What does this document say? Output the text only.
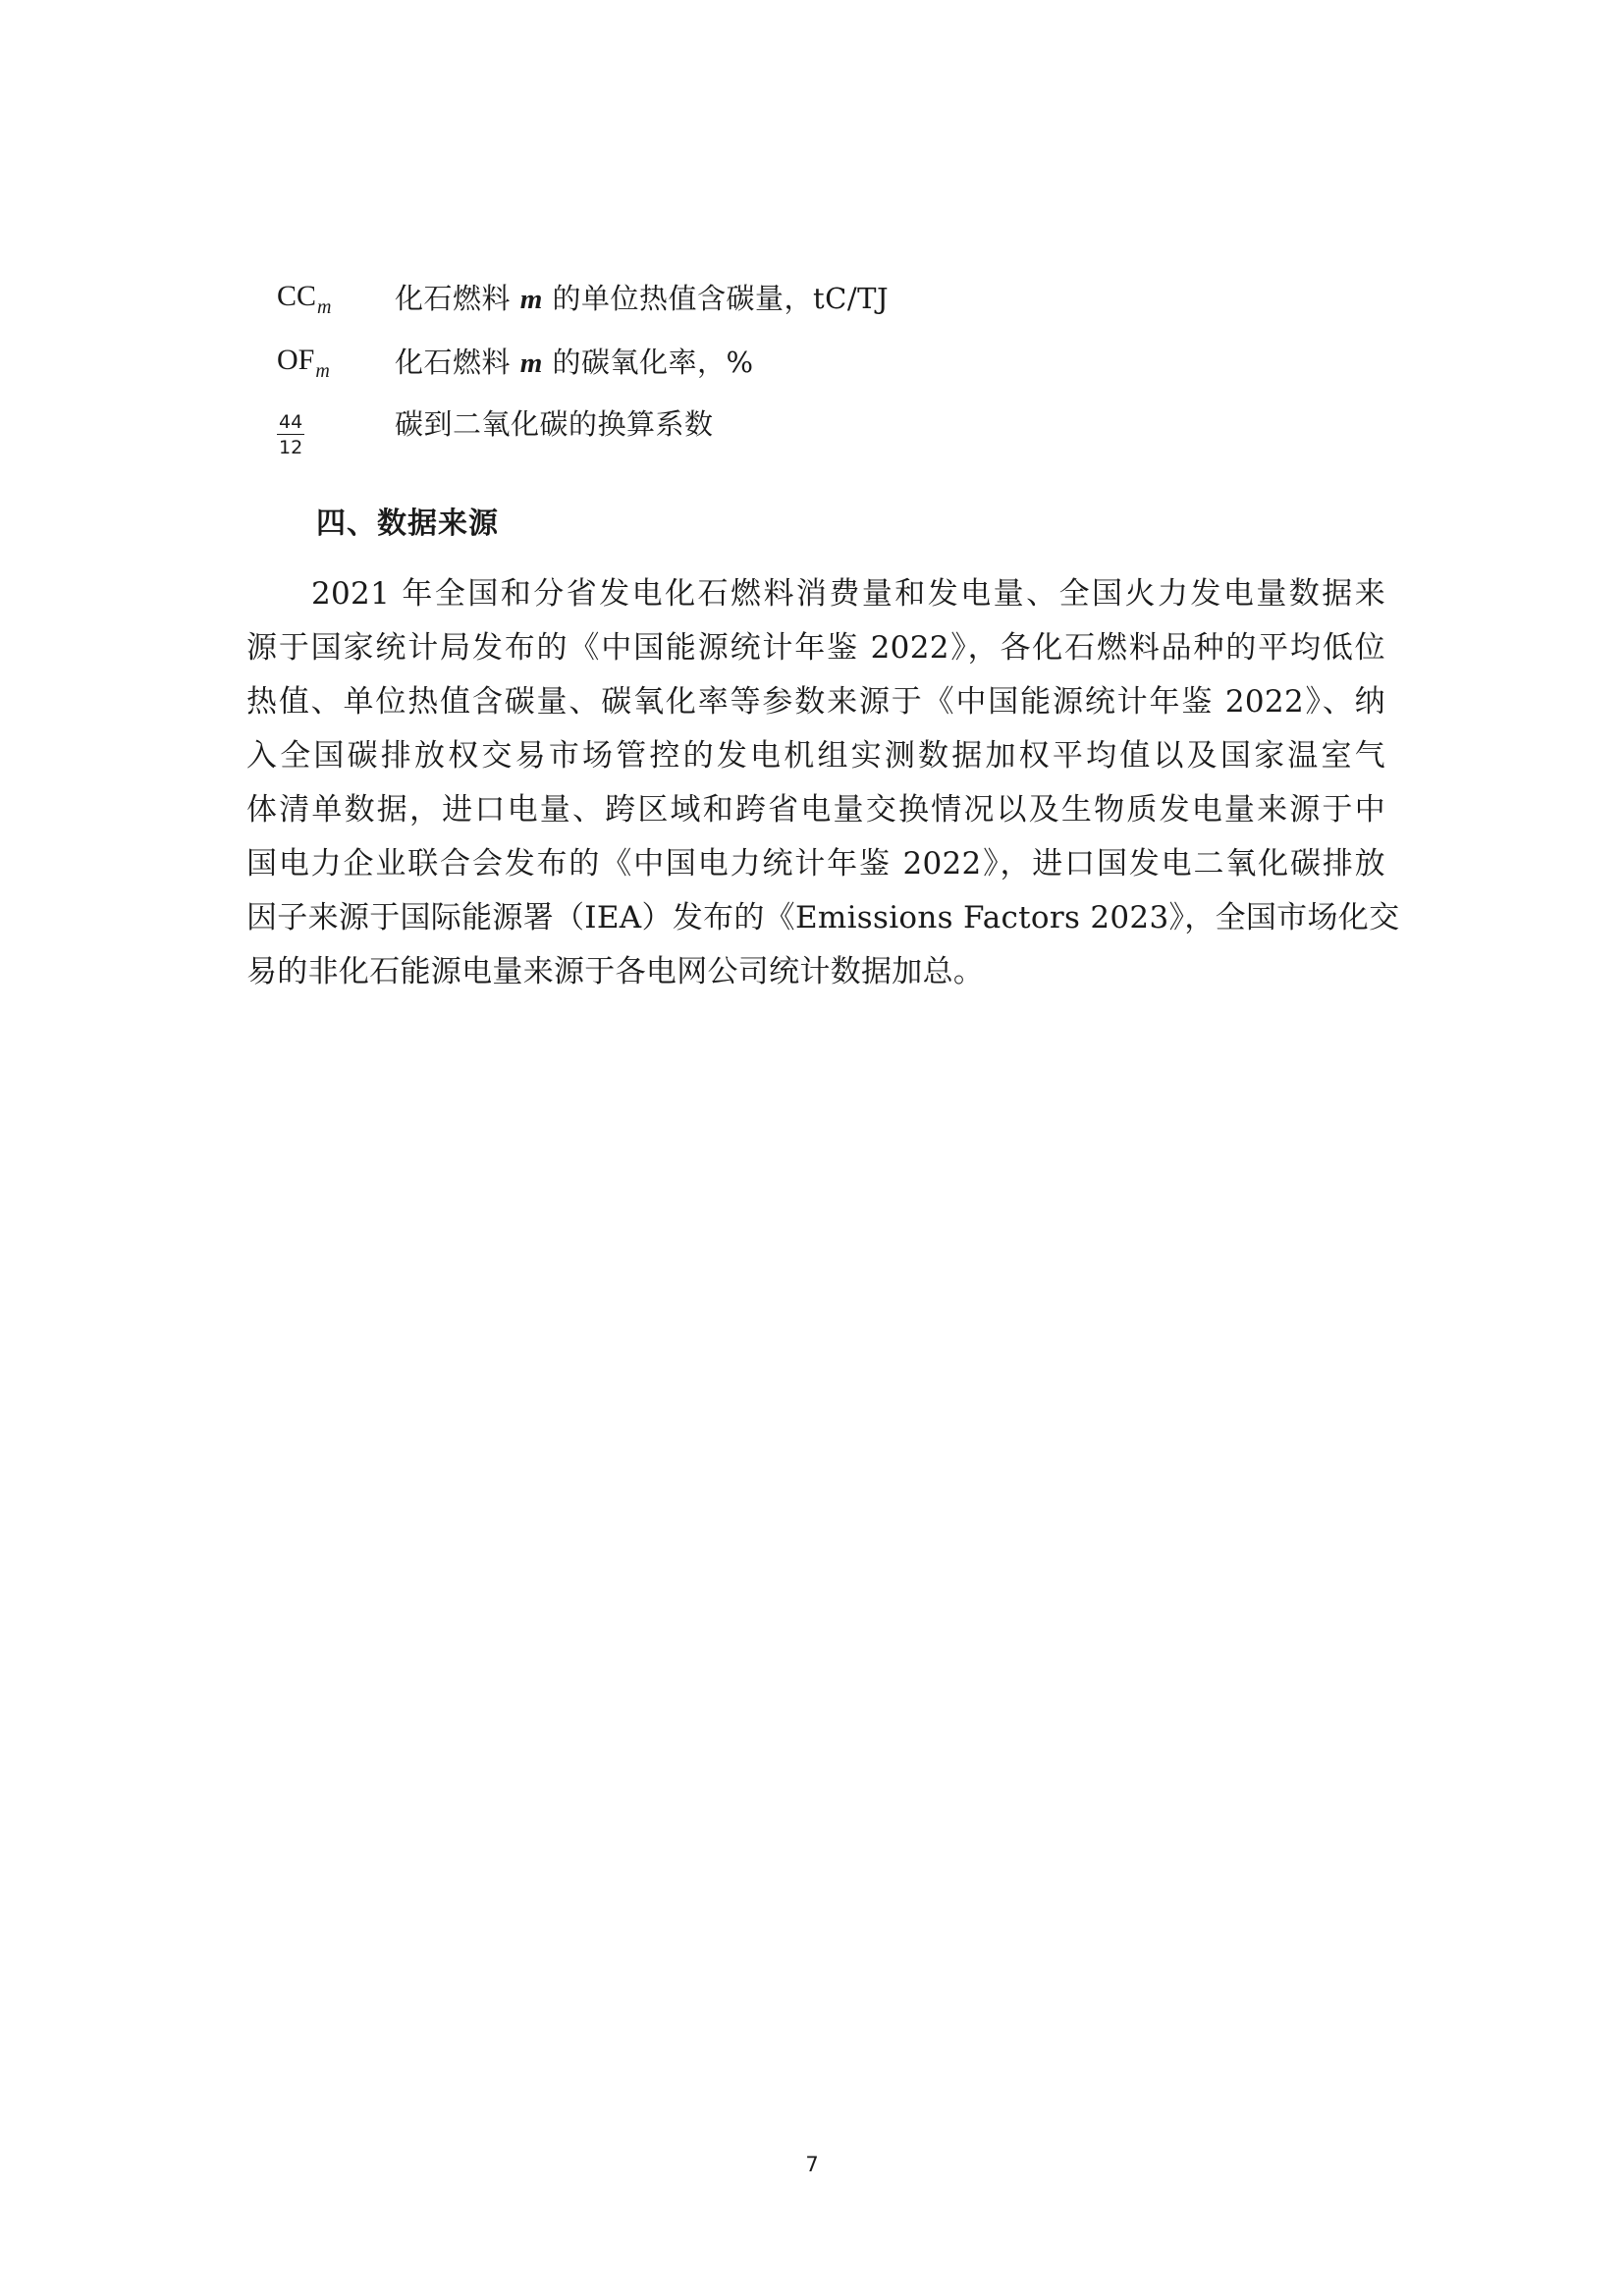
$CC_m$	化石燃料 m 的单位热值含碳量，tC/TJ
$OF_m$	化石燃料 m 的碳氧化率，%
$\frac{44}{12}$	碳到二氧化碳的换算系数
四、数据来源
2021 年全国和分省发电化石燃料消费量和发电量、全国火力发电量数据来
源于国家统计局发布的《中国能源统计年鉴 2022》，各化石燃料品种的平均低位
热值、单位热值含碳量、碳氧化率等参数来源于《中国能源统计年鉴 2022》、纳
入全国碳排放权交易市场管控的发电机组实测数据加权平均值以及国家温室气
体清单数据，进口电量、跨区域和跨省电量交换情况以及生物质发电量来源于中
国电力企业联合会发布的《中国电力统计年鉴 2022》，进口国发电二氧化碳排放
因子来源于国际能源署（IEA）发布的《Emissions Factors 2023》，全国市场化交
易的非化石能源电量来源于各电网公司统计数据加总。
7
